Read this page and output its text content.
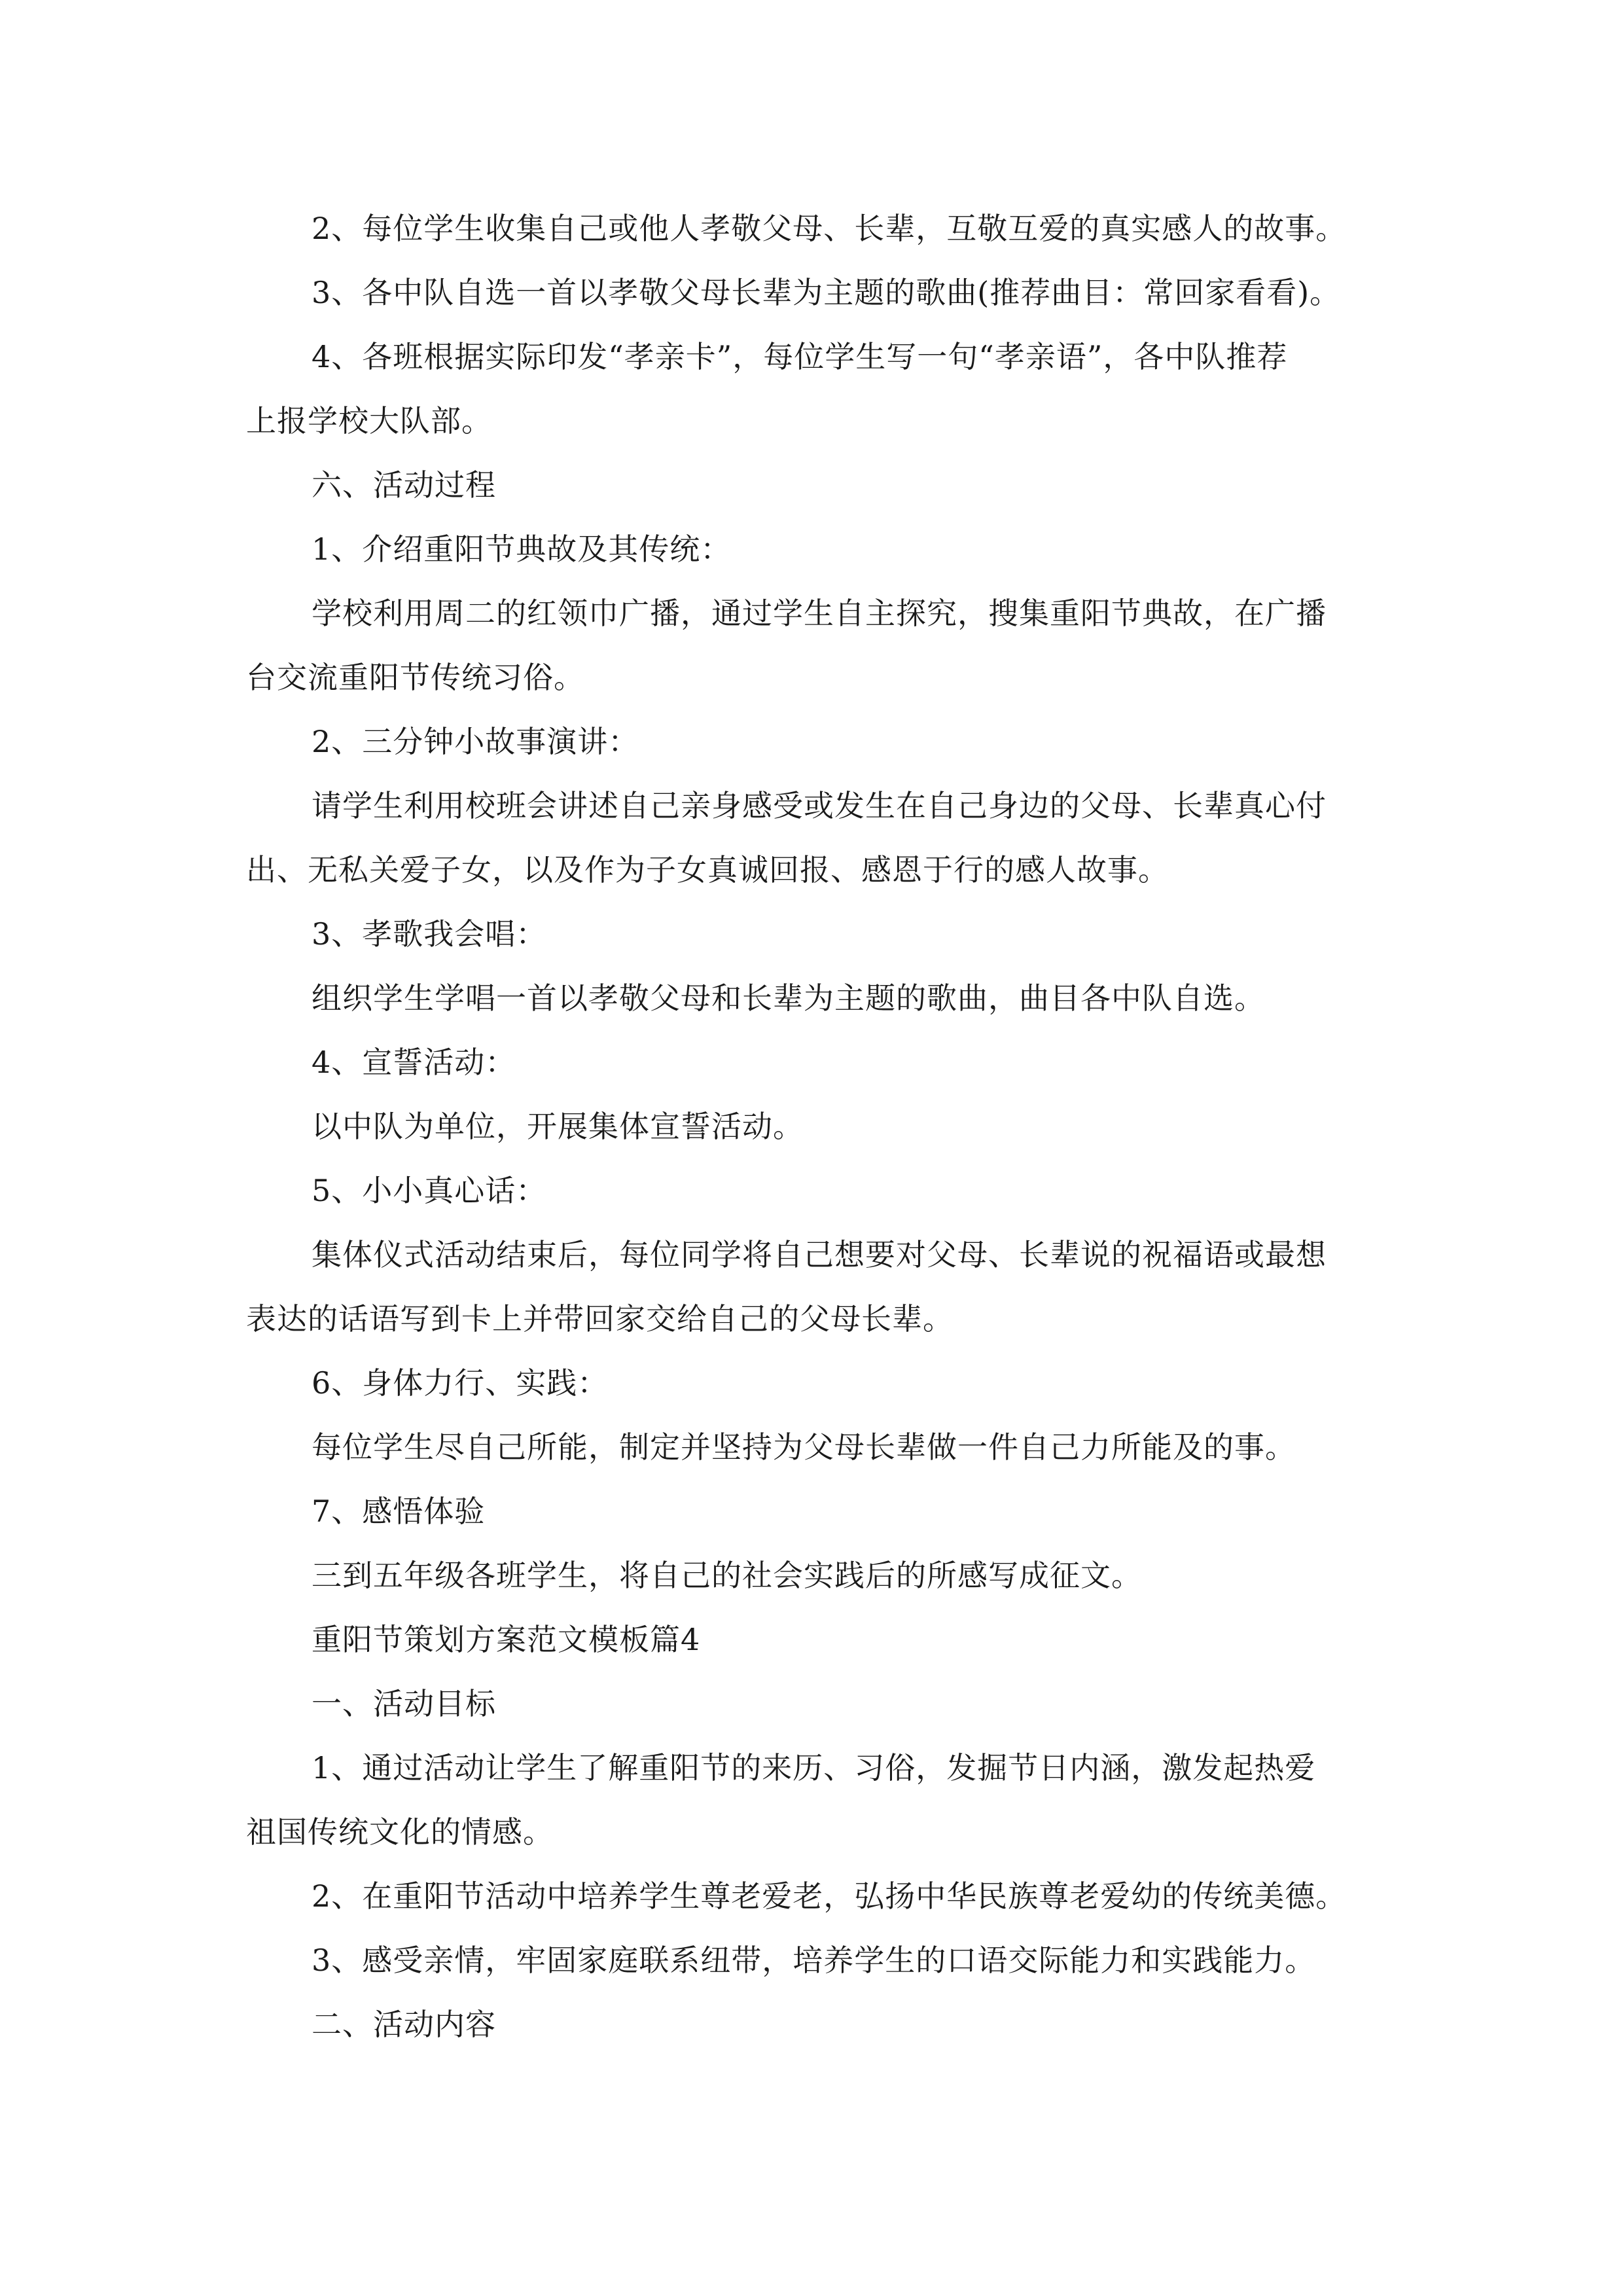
2、每位学生收集自己或他人孝敬父母、长辈，互敬互爱的真实感人的故事。

3、各中队自选一首以孝敬父母长辈为主题的歌曲(推荐曲目：常回家看看)。

4、各班根据实际印发“孝亲卡”，每位学生写一句“孝亲语”，各中队推荐

上报学校大队部。

六、活动过程

1、介绍重阳节典故及其传统：

学校利用周二的红领巾广播，通过学生自主探究，搜集重阳节典故，在广播

台交流重阳节传统习俗。

2、三分钟小故事演讲：

请学生利用校班会讲述自己亲身感受或发生在自己身边的父母、长辈真心付

出、无私关爱子女，以及作为子女真诚回报、感恩于行的感人故事。

3、孝歌我会唱：

组织学生学唱一首以孝敬父母和长辈为主题的歌曲，曲目各中队自选。

4、宣誓活动：

以中队为单位，开展集体宣誓活动。

5、小小真心话：

集体仪式活动结束后，每位同学将自己想要对父母、长辈说的祝福语或最想

表达的话语写到卡上并带回家交给自己的父母长辈。

6、身体力行、实践：

每位学生尽自己所能，制定并坚持为父母长辈做一件自己力所能及的事。

7、感悟体验

三到五年级各班学生，将自己的社会实践后的所感写成征文。

重阳节策划方案范文模板篇4

一、活动目标

1、通过活动让学生了解重阳节的来历、习俗，发掘节日内涵，激发起热爱

祖国传统文化的情感。

2、在重阳节活动中培养学生尊老爱老，弘扬中华民族尊老爱幼的传统美德。

3、感受亲情，牢固家庭联系纽带，培养学生的口语交际能力和实践能力。

二、活动内容
